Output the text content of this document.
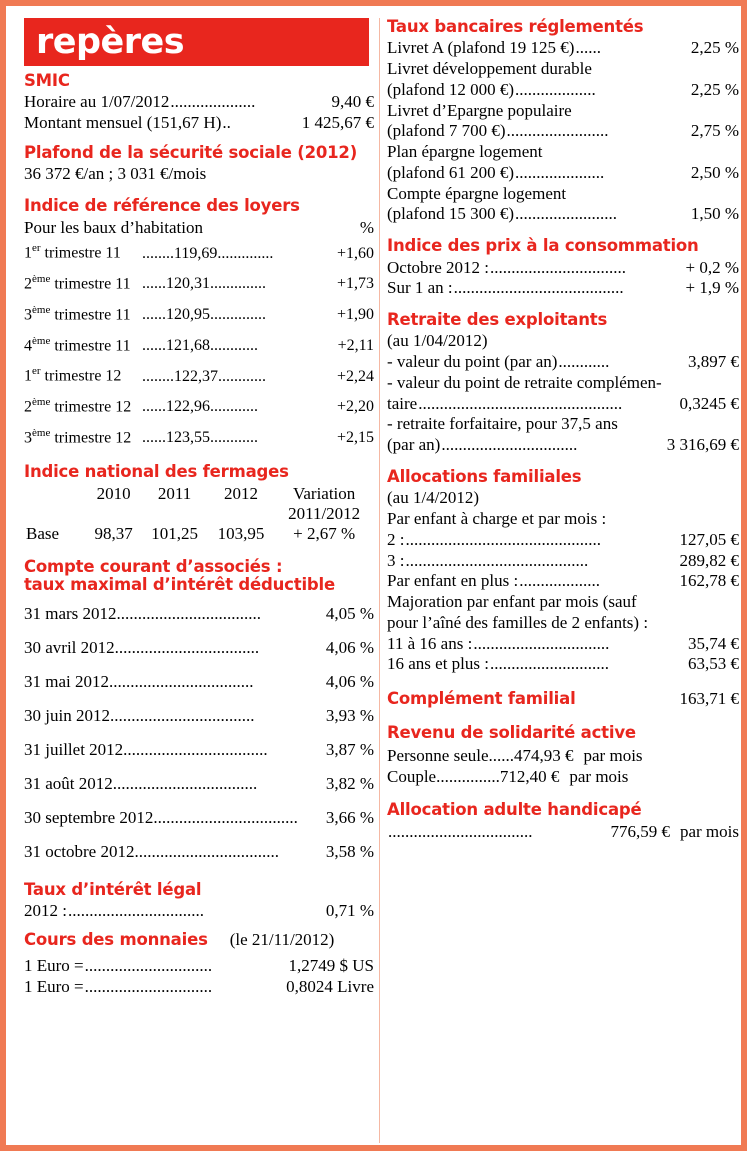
repères
SMIC
Horaire au 1/07/2012 ....................	9,40 €
Montant mensuel (151,67 H) ..	1 425,67 €
Plafond de la sécurité sociale (2012)
36 372 €/an ; 3 031 €/mois
Indice de référence des loyers
Pour les baux d’habitation	%
1er trimestre 11	........ 119,69 ..............	+1,60
2ème trimestre 11 ...... 120,31 ..............	+1,73
3ème trimestre 11 ...... 120,95 ..............	+1,90
4ème trimestre 11 ...... 121,68 ............	+2,11
1er trimestre 12	........ 122,37 ............	+2,24
2ème trimestre 12 ...... 122,96 ............	+2,20
3ème trimestre 12 ...... 123,55 ............	+2,15
Indice national des fermages
	2010	2011	2012	Variation
				2011/2012
Base	98,37	101,25	103,95	+ 2,67 %
Compte courant d’associés :
taux maximal d’intérêt déductible
31 mars 2012 ..................................	4,05 %
30 avril 2012 ..................................	4,06 %
31 mai 2012 ..................................	4,06 %
30 juin 2012 ..................................	3,93 %
31 juillet 2012 ..................................	3,87 %
31 août 2012 ..................................	3,82 %
30 septembre 2012 ..................................	3,66 %
31 octobre 2012 ..................................	3,58 %
Taux d’intérêt légal
2012 : ................................	0,71 %
Cours des monnaies (le 21/11/2012)
1 Euro = ..............................	1,2749 $ US
1 Euro = ..............................	0,8024 Livre
Taux bancaires réglementés
Livret A (plafond 19 125 €) ......	2,25 %
Livret développement durable
(plafond 12 000 €) ...................	2,25 %
Livret d’Epargne populaire
(plafond 7 700 €) ........................	2,75 %
Plan épargne logement
(plafond 61 200 €) .....................	2,50 %
Compte épargne logement
(plafond 15 300 €) ........................	1,50 %
Indice des prix à la consommation
Octobre 2012 : ................................	+ 0,2 %
Sur 1 an : ........................................	+ 1,9 %
Retraite des exploitants
(au 1/04/2012)
- valeur du point (par an) ............	3,897 €
- valeur du point de retraite complémen-
taire ................................................	0,3245 €
- retraite forfaitaire, pour 37,5 ans
(par an) ................................	3 316,69 €
Allocations familiales
(au 1/4/2012)
Par enfant à charge et par mois :
2 : ..............................................	127,05 €
3 : ...........................................	289,82 €
Par enfant en plus : ...................	162,78 €
Majoration par enfant par mois (sauf
pour l’aîné des familles de 2 enfants) :
11 à 16 ans : ................................	35,74 €
16 ans et plus : ............................	63,53 €
Complément familial	163,71 €
Revenu de solidarité active
Personne seule ...... 474,93 € par mois
Couple ............... 712,40 € par mois
Allocation adulte handicapé
..................................	776,59 € par mois
